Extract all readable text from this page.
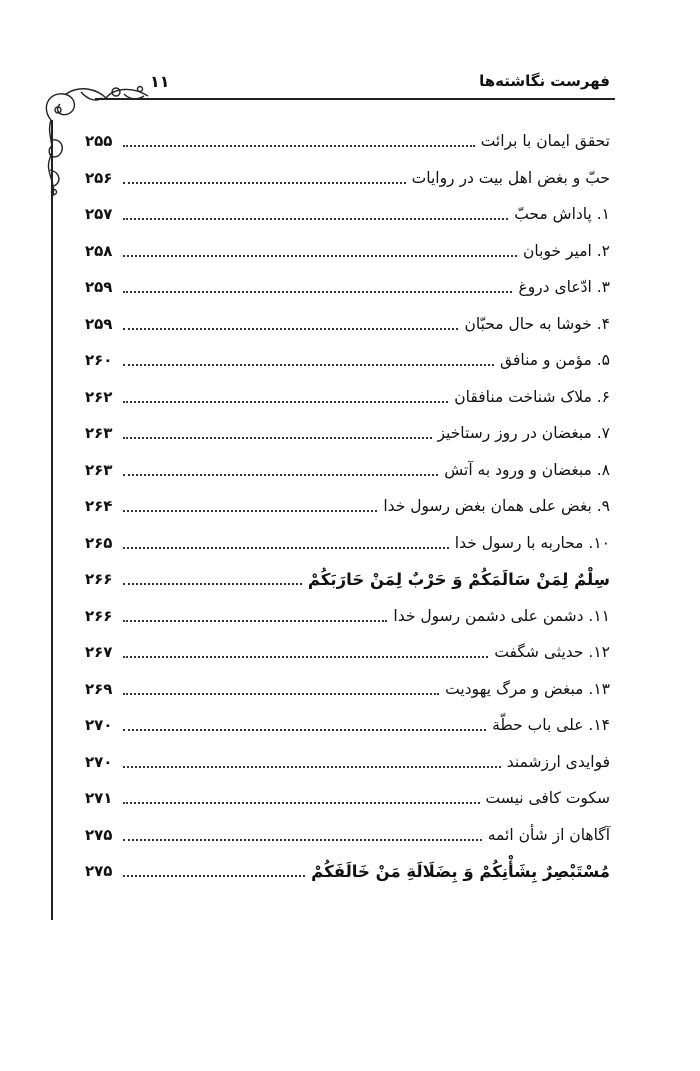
فهرست نگاشته‌ها
۱۱
تحقق ایمان با برائت
۲۵۵
حبّ و بغض اهل بیت در روایات
۲۵۶
۱. پاداش محبّ
۲۵۷
۲. امیر خوبان
۲۵۸
۳. ادّعای دروغ
۲۵۹
۴. خوشا به حال محبّان
۲۵۹
۵. مؤمن و منافق
۲۶۰
۶. ملاک شناخت منافقان
۲۶۲
۷. مبغضان در روز رستاخیز
۲۶۳
۸. مبغضان و ورود به آتش
۲۶۳
۹. بغض علی همان بغض رسول خدا
۲۶۴
۱۰. محاربه با رسول خدا
۲۶۵
سِلْمٌ لِمَنْ سَالَمَكُمْ وَ حَرْبٌ لِمَنْ حَارَبَكُمْ
۲۶۶
۱۱. دشمن علی دشمن رسول خدا
۲۶۶
۱۲. حدیثی شگفت
۲۶۷
۱۳. مبغض و مرگ یهودیت
۲۶۹
۱۴. علی باب حطّة
۲۷۰
فوایدی ارزشمند
۲۷۰
سکوت کافی نیست
۲۷۱
آگاهان از شأن ائمه
۲۷۵
مُسْتَبْصِرٌ بِشَأْنِكُمْ وَ بِضَلَالَةِ مَنْ خَالَفَكُمْ
۲۷۵
